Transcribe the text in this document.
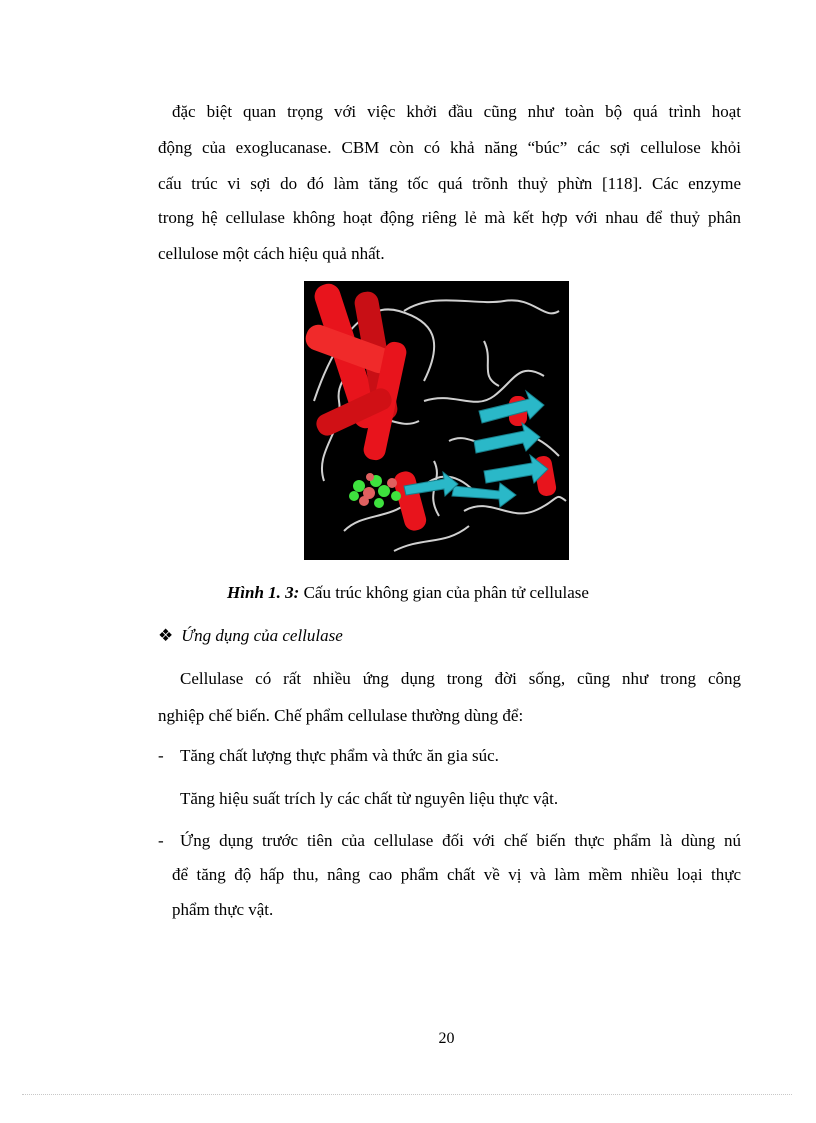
đặc biệt quan trọng với việc khởi đầu cũng như toàn bộ quá trình hoạt
động của exoglucanase. CBM còn có khả năng “búc” các sợi cellulose khỏi
cấu trúc vi sợi do đó làm tăng tốc quá trõnh thuỷ phừn [118]. Các enzyme
trong hệ cellulase không hoạt động riêng lẻ mà kết hợp với nhau để thuỷ phân
cellulose một cách hiệu quả nhất.
Hình 1. 3: Cấu trúc không gian của phân tử cellulase
❖ Ứng dụng của cellulase
Cellulase có rất nhiều ứng dụng trong đời sống, cũng như trong công
nghiệp chế biến. Chế phẩm cellulase thường dùng để:
- Tăng chất lượng thực phẩm và thức ăn gia súc.
Tăng hiệu suất trích ly các chất từ nguyên liệu thực vật.
- Ứng dụng trước tiên của cellulase đối với chế biến thực phẩm là dùng nú
để tăng độ hấp thu, nâng cao phẩm chất về vị và làm mềm nhiều loại thực
phẩm thực vật.
20
